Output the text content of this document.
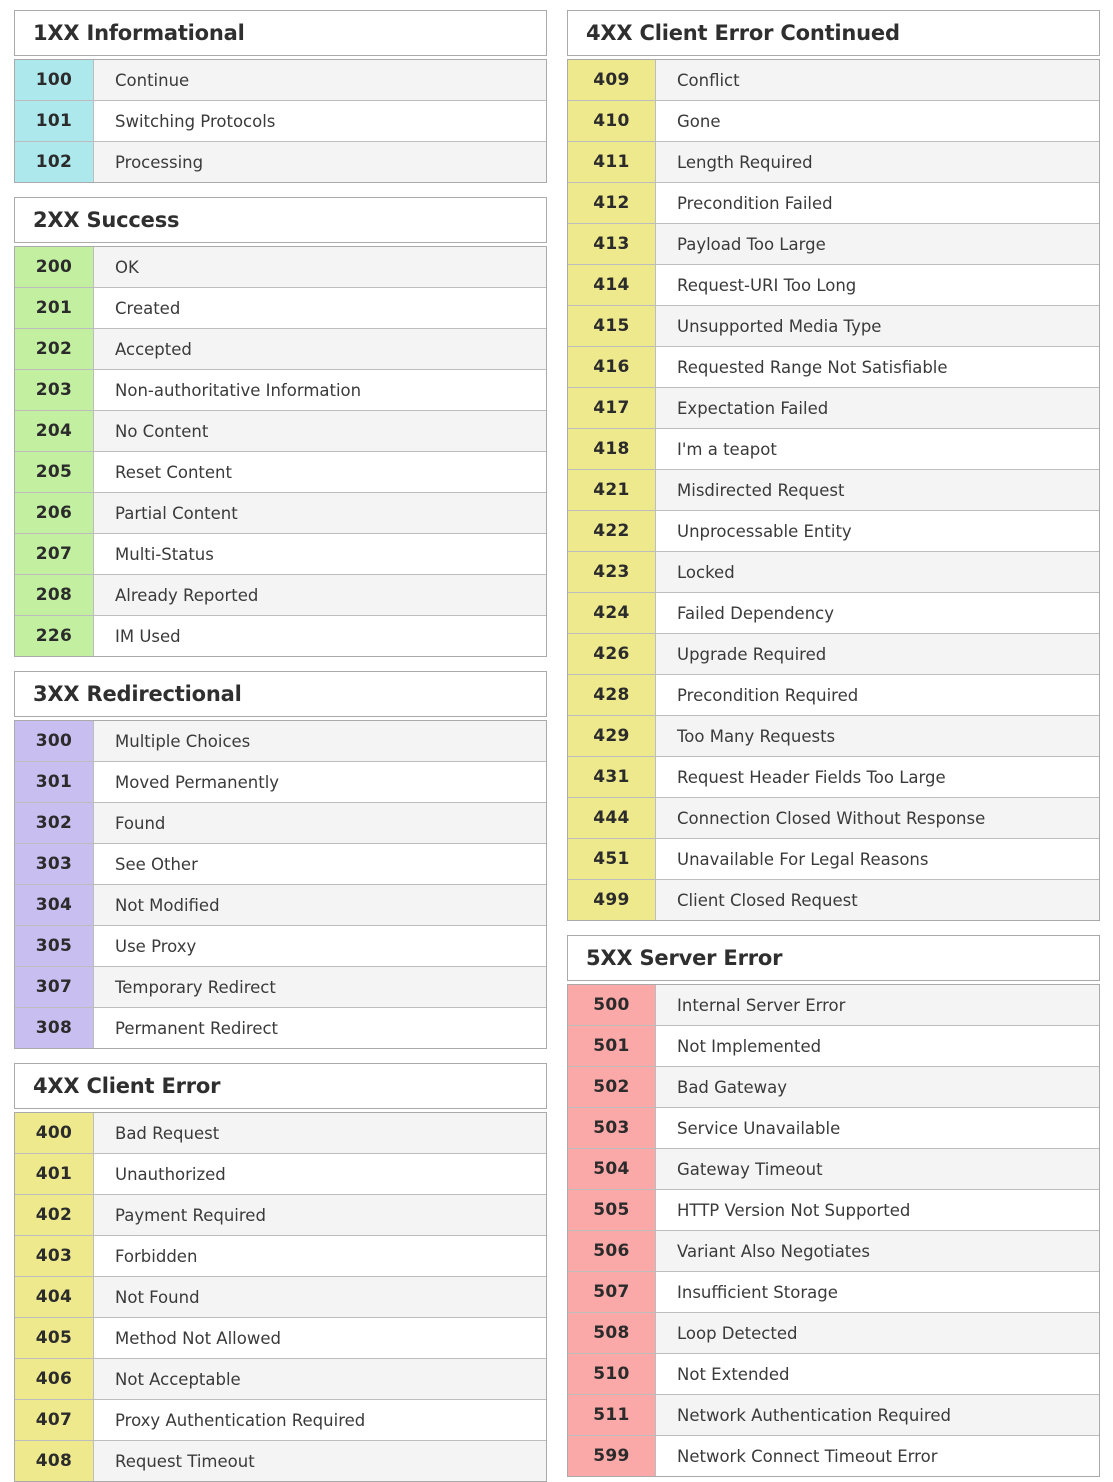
1XX Informational
100	Continue
101	Switching Protocols
102	Processing
2XX Success
200	OK
201	Created
202	Accepted
203	Non-authoritative Information
204	No Content
205	Reset Content
206	Partial Content
207	Multi-Status
208	Already Reported
226	IM Used
3XX Redirectional
300	Multiple Choices
301	Moved Permanently
302	Found
303	See Other
304	Not Modified
305	Use Proxy
307	Temporary Redirect
308	Permanent Redirect
4XX Client Error
400	Bad Request
401	Unauthorized
402	Payment Required
403	Forbidden
404	Not Found
405	Method Not Allowed
406	Not Acceptable
407	Proxy Authentication Required
408	Request Timeout
4XX Client Error Continued
409	Conflict
410	Gone
411	Length Required
412	Precondition Failed
413	Payload Too Large
414	Request-URI Too Long
415	Unsupported Media Type
416	Requested Range Not Satisfiable
417	Expectation Failed
418	I'm a teapot
421	Misdirected Request
422	Unprocessable Entity
423	Locked
424	Failed Dependency
426	Upgrade Required
428	Precondition Required
429	Too Many Requests
431	Request Header Fields Too Large
444	Connection Closed Without Response
451	Unavailable For Legal Reasons
499	Client Closed Request
5XX Server Error
500	Internal Server Error
501	Not Implemented
502	Bad Gateway
503	Service Unavailable
504	Gateway Timeout
505	HTTP Version Not Supported
506	Variant Also Negotiates
507	Insufficient Storage
508	Loop Detected
510	Not Extended
511	Network Authentication Required
599	Network Connect Timeout Error
